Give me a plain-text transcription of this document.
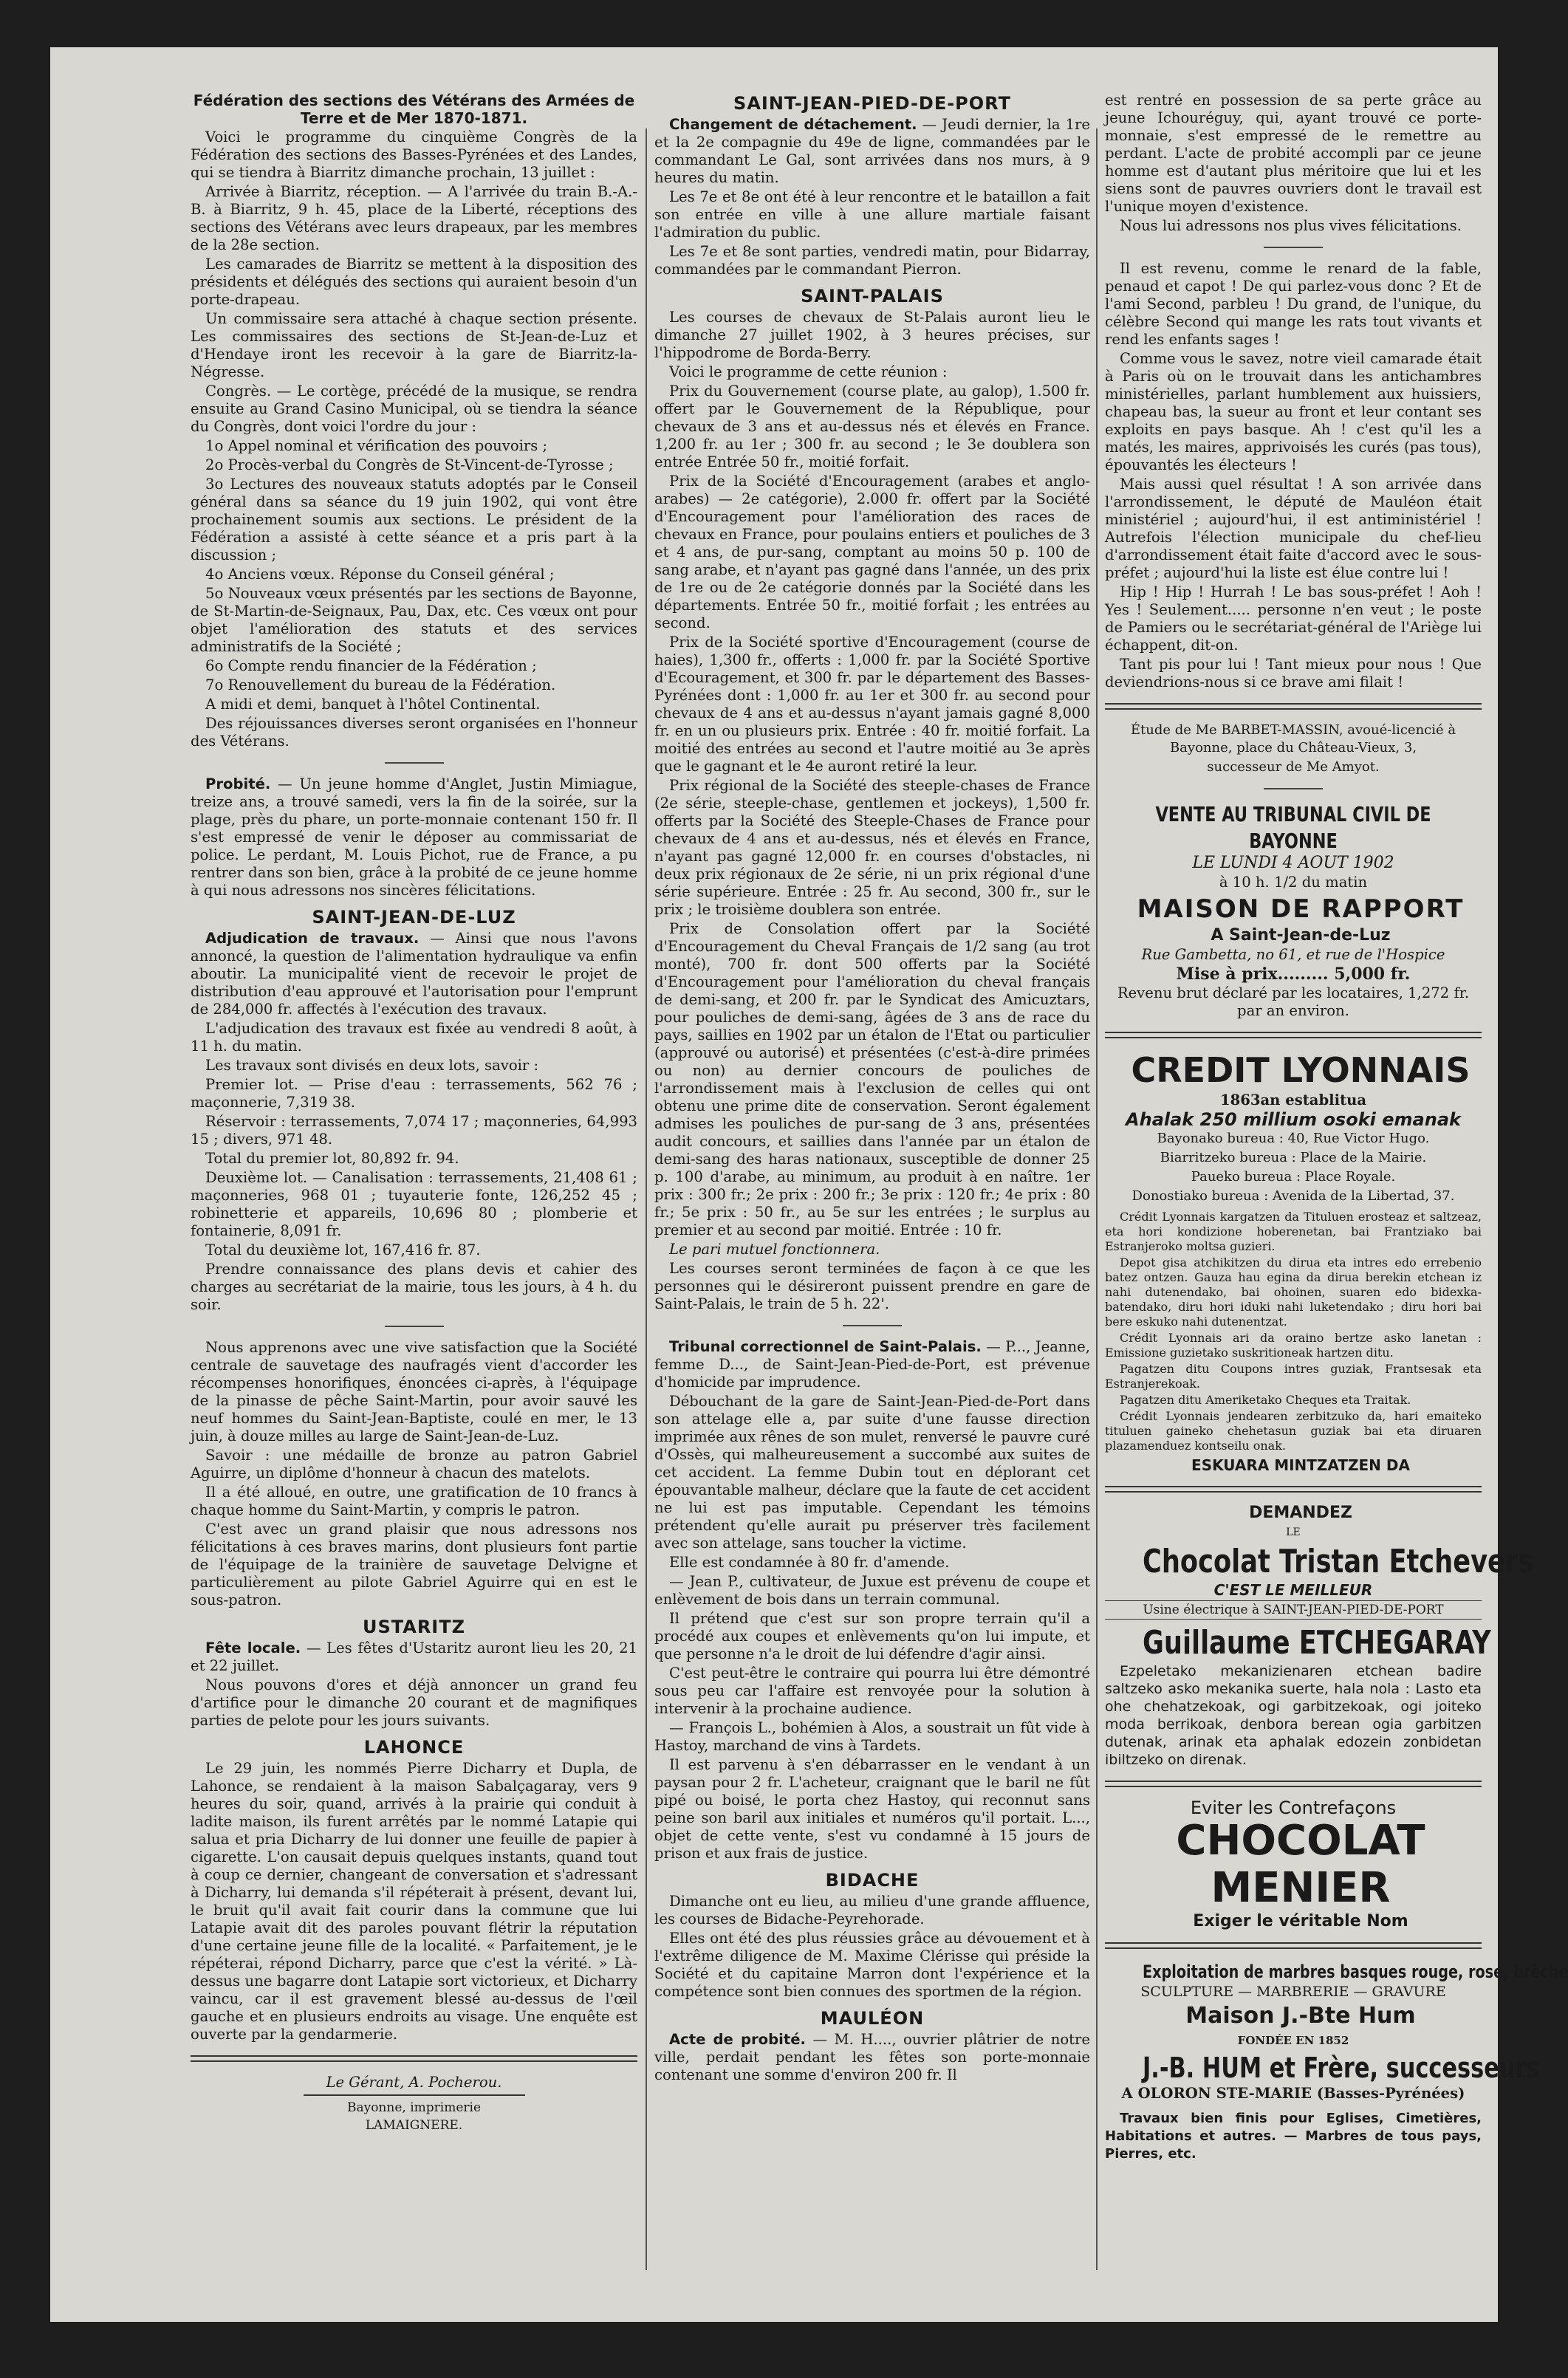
Fédération des sections des Vétérans des Armées de Terre et de Mer 1870-1871.

Voici le programme du cinquième Congrès de la Fédération des sections des Basses-Pyrénées et des Landes, qui se tiendra à Biarritz dimanche prochain, 13 juillet :

Arrivée à Biarritz, réception. — A l'arrivée du train B.-A.-B. à Biarritz, 9 h. 45, place de la Liberté, réceptions des sections des Vétérans avec leurs drapeaux, par les membres de la 28e section.

Les camarades de Biarritz se mettent à la disposition des présidents et délégués des sections qui auraient besoin d'un porte-drapeau.

Un commissaire sera attaché à chaque section présente. Les commissaires des sections de St-Jean-de-Luz et d'Hendaye iront les recevoir à la gare de Biarritz-la-Négresse.

Congrès. — Le cortège, précédé de la musique, se rendra ensuite au Grand Casino Municipal, où se tiendra la séance du Congrès, dont voici l'ordre du jour :

1o Appel nominal et vérification des pouvoirs ;

2o Procès-verbal du Congrès de St-Vincent-de-Tyrosse ;

3o Lectures des nouveaux statuts adoptés par le Conseil général dans sa séance du 19 juin 1902, qui vont être prochainement soumis aux sections. Le président de la Fédération a assisté à cette séance et a pris part à la discussion ;

4o Anciens vœux. Réponse du Conseil général ;

5o Nouveaux vœux présentés par les sections de Bayonne, de St-Martin-de-Seignaux, Pau, Dax, etc. Ces vœux ont pour objet l'amélioration des statuts et des services administratifs de la Société ;

6o Compte rendu financier de la Fédération ;

7o Renouvellement du bureau de la Fédération.

A midi et demi, banquet à l'hôtel Continental.

Des réjouissances diverses seront organisées en l'honneur des Vétérans.

Probité. — Un jeune homme d'Anglet, Justin Mimiague, treize ans, a trouvé samedi, vers la fin de la soirée, sur la plage, près du phare, un porte-monnaie contenant 150 fr. Il s'est empressé de venir le déposer au commissariat de police. Le perdant, M. Louis Pichot, rue de France, a pu rentrer dans son bien, grâce à la probité de ce jeune homme à qui nous adressons nos sincères félicitations.

SAINT-JEAN-DE-LUZ

Adjudication de travaux. — Ainsi que nous l'avons annoncé, la question de l'alimentation hydraulique va enfin aboutir. La municipalité vient de recevoir le projet de distribution d'eau approuvé et l'autorisation pour l'emprunt de 284,000 fr. affectés à l'exécution des travaux.

L'adjudication des travaux est fixée au vendredi 8 août, à 11 h. du matin.

Les travaux sont divisés en deux lots, savoir :

Premier lot. — Prise d'eau : terrassements, 562 76 ; maçonnerie, 7,319 38.

Réservoir : terrassements, 7,074 17 ; maçonneries, 64,993 15 ; divers, 971 48.

Total du premier lot, 80,892 fr. 94.

Deuxième lot. — Canalisation : terrassements, 21,408 61 ; maçonneries, 968 01 ; tuyauterie fonte, 126,252 45 ; robinetterie et appareils, 10,696 80 ; plomberie et fontainerie, 8,091 fr.

Total du deuxième lot, 167,416 fr. 87.

Prendre connaissance des plans devis et cahier des charges au secrétariat de la mairie, tous les jours, à 4 h. du soir.

Nous apprenons avec une vive satisfaction que la Société centrale de sauvetage des naufragés vient d'accorder les récompenses honorifiques, énoncées ci-après, à l'équipage de la pinasse de pêche Saint-Martin, pour avoir sauvé les neuf hommes du Saint-Jean-Baptiste, coulé en mer, le 13 juin, à douze milles au large de Saint-Jean-de-Luz.

Savoir : une médaille de bronze au patron Gabriel Aguirre, un diplôme d'honneur à chacun des matelots.

Il a été alloué, en outre, une gratification de 10 francs à chaque homme du Saint-Martin, y compris le patron.

C'est avec un grand plaisir que nous adressons nos félicitations à ces braves marins, dont plusieurs font partie de l'équipage de la trainière de sauvetage Delvigne et particulièrement au pilote Gabriel Aguirre qui en est le sous-patron.

USTARITZ

Fête locale. — Les fêtes d'Ustaritz auront lieu les 20, 21 et 22 juillet.

Nous pouvons d'ores et déjà annoncer un grand feu d'artifice pour le dimanche 20 courant et de magnifiques parties de pelote pour les jours suivants.

LAHONCE

Le 29 juin, les nommés Pierre Dicharry et Dupla, de Lahonce, se rendaient à la maison Sabalçagaray, vers 9 heures du soir, quand, arrivés à la prairie qui conduit à ladite maison, ils furent arrêtés par le nommé Latapie qui salua et pria Dicharry de lui donner une feuille de papier à cigarette. L'on causait depuis quelques instants, quand tout à coup ce dernier, changeant de conversation et s'adressant à Dicharry, lui demanda s'il répéterait à présent, devant lui, le bruit qu'il avait fait courir dans la commune que lui Latapie avait dit des paroles pouvant flétrir la réputation d'une certaine jeune fille de la localité. « Parfaitement, je le répéterai, répond Dicharry, parce que c'est la vérité. » Là-dessus une bagarre dont Latapie sort victorieux, et Dicharry vaincu, car il est gravement blessé au-dessus de l'œil gauche et en plusieurs endroits au visage. Une enquête est ouverte par la gendarmerie.

Le Gérant, A. Pocherou.

Bayonne, imprimerie LAMAIGNERE.

SAINT-JEAN-PIED-DE-PORT

Changement de détachement. — Jeudi dernier, la 1re et la 2e compagnie du 49e de ligne, commandées par le commandant Le Gal, sont arrivées dans nos murs, à 9 heures du matin.

Les 7e et 8e ont été à leur rencontre et le bataillon a fait son entrée en ville à une allure martiale faisant l'admiration du public.

Les 7e et 8e sont parties, vendredi matin, pour Bidarray, commandées par le commandant Pierron.

SAINT-PALAIS

Les courses de chevaux de St-Palais auront lieu le dimanche 27 juillet 1902, à 3 heures précises, sur l'hippodrome de Borda-Berry.

Voici le programme de cette réunion :

Prix du Gouvernement (course plate, au galop), 1.500 fr. offert par le Gouvernement de la République, pour chevaux de 3 ans et au-dessus nés et élevés en France. 1,200 fr. au 1er ; 300 fr. au second ; le 3e doublera son entrée Entrée 50 fr., moitié forfait.

Prix de la Société d'Encouragement (arabes et anglo-arabes) — 2e catégorie), 2.000 fr. offert par la Société d'Encouragement pour l'amélioration des races de chevaux en France, pour poulains entiers et pouliches de 3 et 4 ans, de pur-sang, comptant au moins 50 p. 100 de sang arabe, et n'ayant pas gagné dans l'année, un des prix de 1re ou de 2e catégorie donnés par la Société dans les départements. Entrée 50 fr., moitié forfait ; les entrées au second.

Prix de la Société sportive d'Encouragement (course de haies), 1,300 fr., offerts : 1,000 fr. par la Société Sportive d'Ecouragement, et 300 fr. par le département des Basses-Pyrénées dont : 1,000 fr. au 1er et 300 fr. au second pour chevaux de 4 ans et au-dessus n'ayant jamais gagné 8,000 fr. en un ou plusieurs prix. Entrée : 40 fr. moitié forfait. La moitié des entrées au second et l'autre moitié au 3e après que le gagnant et le 4e auront retiré la leur.

Prix régional de la Société des steeple-chases de France (2e série, steeple-chase, gentlemen et jockeys), 1,500 fr. offerts par la Société des Steeple-Chases de France pour chevaux de 4 ans et au-dessus, nés et élevés en France, n'ayant pas gagné 12,000 fr. en courses d'obstacles, ni deux prix régionaux de 2e série, ni un prix régional d'une série supérieure. Entrée : 25 fr. Au second, 300 fr., sur le prix ; le troisième doublera son entrée.

Prix de Consolation offert par la Société d'Encouragement du Cheval Français de 1/2 sang (au trot monté), 700 fr. dont 500 offerts par la Société d'Encouragement pour l'amélioration du cheval français de demi-sang, et 200 fr. par le Syndicat des Amicuztars, pour pouliches de demi-sang, âgées de 3 ans de race du pays, saillies en 1902 par un étalon de l'Etat ou particulier (approuvé ou autorisé) et présentées (c'est-à-dire primées ou non) au dernier concours de pouliches de l'arrondissement mais à l'exclusion de celles qui ont obtenu une prime dite de conservation. Seront également admises les pouliches de pur-sang de 3 ans, présentées audit concours, et saillies dans l'année par un étalon de demi-sang des haras nationaux, susceptible de donner 25 p. 100 d'arabe, au minimum, au produit à en naître. 1er prix : 300 fr.; 2e prix : 200 fr.; 3e prix : 120 fr.; 4e prix : 80 fr.; 5e prix : 50 fr., au 5e sur les entrées ; le surplus au premier et au second par moitié. Entrée : 10 fr.

Le pari mutuel fonctionnera.

Les courses seront terminées de façon à ce que les personnes qui le désireront puissent prendre en gare de Saint-Palais, le train de 5 h. 22'.

Tribunal correctionnel de Saint-Palais. — P..., Jeanne, femme D..., de Saint-Jean-Pied-de-Port, est prévenue d'homicide par imprudence.

Débouchant de la gare de Saint-Jean-Pied-de-Port dans son attelage elle a, par suite d'une fausse direction imprimée aux rênes de son mulet, renversé le pauvre curé d'Ossès, qui malheureusement a succombé aux suites de cet accident. La femme Dubin tout en déplorant cet épouvantable malheur, déclare que la faute de cet accident ne lui est pas imputable. Cependant les témoins prétendent qu'elle aurait pu préserver très facilement avec son attelage, sans toucher la victime.

Elle est condamnée à 80 fr. d'amende.

— Jean P., cultivateur, de Juxue est prévenu de coupe et enlèvement de bois dans un terrain communal.

Il prétend que c'est sur son propre terrain qu'il a procédé aux coupes et enlèvements qu'on lui impute, et que personne n'a le droit de lui défendre d'agir ainsi.

C'est peut-être le contraire qui pourra lui être démontré sous peu car l'affaire est renvoyée pour la solution à intervenir à la prochaine audience.

— François L., bohémien à Alos, a soustrait un fût vide à Hastoy, marchand de vins à Tardets.

Il est parvenu à s'en débarrasser en le vendant à un paysan pour 2 fr. L'acheteur, craignant que le baril ne fût pipé ou boisé, le porta chez Hastoy, qui reconnut sans peine son baril aux initiales et numéros qu'il portait. L..., objet de cette vente, s'est vu condamné à 15 jours de prison et aux frais de justice.

BIDACHE

Dimanche ont eu lieu, au milieu d'une grande affluence, les courses de Bidache-Peyrehorade.

Elles ont été des plus réussies grâce au dévouement et à l'extrême diligence de M. Maxime Clérisse qui préside la Société et du capitaine Marron dont l'expérience et la compétence sont bien connues des sportmen de la région.

MAULÉON

Acte de probité. — M. H...., ouvrier plâtrier de notre ville, perdait pendant les fêtes son porte-monnaie contenant une somme d'environ 200 fr. Il

est rentré en possession de sa perte grâce au jeune Ichouréguy, qui, ayant trouvé ce porte-monnaie, s'est empressé de le remettre au perdant. L'acte de probité accompli par ce jeune homme est d'autant plus méritoire que lui et les siens sont de pauvres ouvriers dont le travail est l'unique moyen d'existence.

Nous lui adressons nos plus vives félicitations.

Il est revenu, comme le renard de la fable, penaud et capot ! De qui parlez-vous donc ? Et de l'ami Second, parbleu ! Du grand, de l'unique, du célèbre Second qui mange les rats tout vivants et rend les enfants sages !

Comme vous le savez, notre vieil camarade était à Paris où on le trouvait dans les antichambres ministérielles, parlant humblement aux huissiers, chapeau bas, la sueur au front et leur contant ses exploits en pays basque. Ah ! c'est qu'il les a matés, les maires, apprivoisés les curés (pas tous), épouvantés les électeurs !

Mais aussi quel résultat ! A son arrivée dans l'arrondissement, le député de Mauléon était ministériel ; aujourd'hui, il est antiministériel ! Autrefois l'élection municipale du chef-lieu d'arrondissement était faite d'accord avec le sous-préfet ; aujourd'hui la liste est élue contre lui !

Hip ! Hip ! Hurrah ! Le bas sous-préfet ! Aoh ! Yes ! Seulement..... personne n'en veut ; le poste de Pamiers ou le secrétariat-général de l'Ariège lui échappent, dit-on.

Tant pis pour lui ! Tant mieux pour nous ! Que deviendrions-nous si ce brave ami filait !

Étude de Me BARBET-MASSIN, avoué-licencié à Bayonne, place du Château-Vieux, 3,

successeur de Me Amyot.

VENTE AU TRIBUNAL CIVIL DE BAYONNE

LE LUNDI 4 AOUT 1902

à 10 h. 1/2 du matin

MAISON DE RAPPORT

A Saint-Jean-de-Luz

Rue Gambetta, no 61, et rue de l'Hospice

Mise à prix......... 5,000 fr.

Revenu brut déclaré par les locataires, 1,272 fr. par an environ.

CREDIT LYONNAIS

1863an establitua

Ahalak 250 millium osoki emanak

Bayonako bureua : 40, Rue Victor Hugo.

Biarritzeko bureua : Place de la Mairie.

Paueko bureua : Place Royale.

Donostiako bureua : Avenida de la Libertad, 37.

Crédit Lyonnais kargatzen da Tituluen erosteaz et saltzeaz, eta hori kondizione hoberenetan, bai Frantziako bai Estranjeroko moltsa guzieri.

Depot gisa atchikitzen du dirua eta intres edo errebenio batez ontzen. Gauza hau egina da dirua berekin etchean iz nahi dutenendako, bai ohoinen, suaren edo bidexka-batendako, diru hori iduki nahi luketendako ; diru hori bai bere eskuko nahi dutenentzat.

Crédit Lyonnais ari da oraino bertze asko lanetan : Emissione guzietako suskritioneak hartzen ditu.

Pagatzen ditu Coupons intres guziak, Frantsesak eta Estranjerekoak.

Pagatzen ditu Ameriketako Cheques eta Traitak.

Crédit Lyonnais jendearen zerbitzuko da, hari emaiteko tituluen gaineko chehetasun guziak bai eta diruaren plazamenduez kontseilu onak.

ESKUARA MINTZATZEN DA

DEMANDEZ

LE

Chocolat Tristan Etchevers

C'EST LE MEILLEUR

Usine électrique à SAINT-JEAN-PIED-DE-PORT

Guillaume ETCHEGARAY

Ezpeletako mekanizienaren etchean badire saltzeko asko mekanika suerte, hala nola : Lasto eta ohe chehatzekoak, ogi garbitzekoak, ogi joiteko moda berrikoak, denbora berean ogia garbitzen dutenak, arinak eta aphalak edozein zonbidetan ibiltzeko on direnak.

Eviter les Contrefaçons

CHOCOLAT

MENIER

Exiger le véritable Nom

Exploitation de marbres basques rouge, rose, brèche

SCULPTURE — MARBRERIE — GRAVURE

Maison J.-Bte Hum

FONDÉE EN 1852

J.-B. HUM et Frère, successeurs

A OLORON STE-MARIE (Basses-Pyrénées)

Travaux bien finis pour Eglises, Cimetières, Habitations et autres. — Marbres de tous pays, Pierres, etc.
